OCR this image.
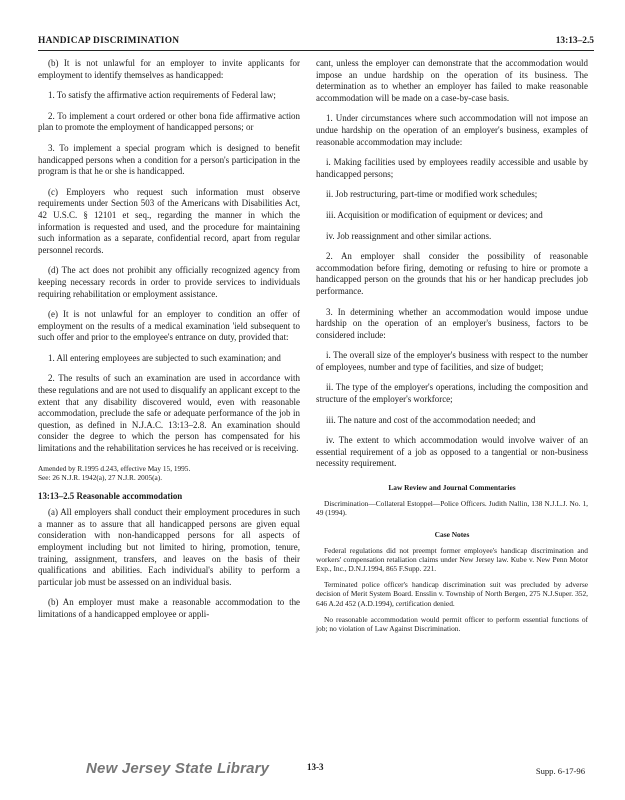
HANDICAP DISCRIMINATION	13:13–2.5

(b) It is not unlawful for an employer to invite applicants for employment to identify themselves as handicapped:

1. To satisfy the affirmative action requirements of Federal law;

2. To implement a court ordered or other bona fide affirmative action plan to promote the employment of handicapped persons; or

3. To implement a special program which is designed to benefit handicapped persons when a condition for a person's participation in the program is that he or she is handicapped.

(c) Employers who request such information must observe requirements under Section 503 of the Americans with Disabilities Act, 42 U.S.C. § 12101 et seq., regarding the manner in which the information is requested and used, and the procedure for maintaining such information as a separate, confidential record, apart from regular personnel records.

(d) The act does not prohibit any officially recognized agency from keeping necessary records in order to provide services to individuals requiring rehabilitation or employment assistance.

(e) It is not unlawful for an employer to condition an offer of employment on the results of a medical examination 'ield subsequent to such offer and prior to the employee's entrance on duty, provided that:

1. All entering employees are subjected to such examination; and

2. The results of such an examination are used in accordance with these regulations and are not used to disqualify an applicant except to the extent that any disability discovered would, even with reasonable accommodation, preclude the safe or adequate performance of the job in question, as defined in N.J.A.C. 13:13–2.8. An examination should consider the degree to which the person has compensated for his limitations and the rehabilitation services he has received or is receiving.

Amended by R.1995 d.243, effective May 15, 1995.
See: 26 N.J.R. 1942(a), 27 N.J.R. 2005(a).

13:13–2.5 Reasonable accommodation

(a) All employers shall conduct their employment procedures in such a manner as to assure that all handicapped persons are given equal consideration with non-handicapped persons for all aspects of employment including but not limited to hiring, promotion, tenure, training, assignment, transfers, and leaves on the basis of their qualifications and abilities. Each individual's ability to perform a particular job must be assessed on an individual basis.

(b) An employer must make a reasonable accommodation to the limitations of a handicapped employee or appli-

cant, unless the employer can demonstrate that the accommodation would impose an undue hardship on the operation of its business. The determination as to whether an employer has failed to make reasonable accommodation will be made on a case-by-case basis.

1. Under circumstances where such accommodation will not impose an undue hardship on the operation of an employer's business, examples of reasonable accommodation may include:

i. Making facilities used by employees readily accessible and usable by handicapped persons;

ii. Job restructuring, part-time or modified work schedules;

iii. Acquisition or modification of equipment or devices; and

iv. Job reassignment and other similar actions.

2. An employer shall consider the possibility of reasonable accommodation before firing, demoting or refusing to hire or promote a handicapped person on the grounds that his or her handicap precludes job performance.

3. In determining whether an accommodation would impose undue hardship on the operation of an employer's business, factors to be considered include:

i. The overall size of the employer's business with respect to the number of employees, number and type of facilities, and size of budget;

ii. The type of the employer's operations, including the composition and structure of the employer's workforce;

iii. The nature and cost of the accommodation needed; and

iv. The extent to which accommodation would involve waiver of an essential requirement of a job as opposed to a tangential or non-business necessity requirement.

Law Review and Journal Commentaries

Discrimination—Collateral Estoppel—Police Officers. Judith Nallin, 138 N.J.L.J. No. 1, 49 (1994).

Case Notes

Federal regulations did not preempt former employee's handicap discrimination and workers' compensation retaliation claims under New Jersey law. Kube v. New Penn Motor Exp., Inc., D.N.J.1994, 865 F.Supp. 221.

Terminated police officer's handicap discrimination suit was precluded by adverse decision of Merit System Board. Ensslin v. Township of North Bergen, 275 N.J.Super. 352, 646 A.2d 452 (A.D.1994), certification denied.

No reasonable accommodation would permit officer to perform essential functions of job; no violation of Law Against Discrimination.

New Jersey State Library	13-3	Supp. 6-17-96
